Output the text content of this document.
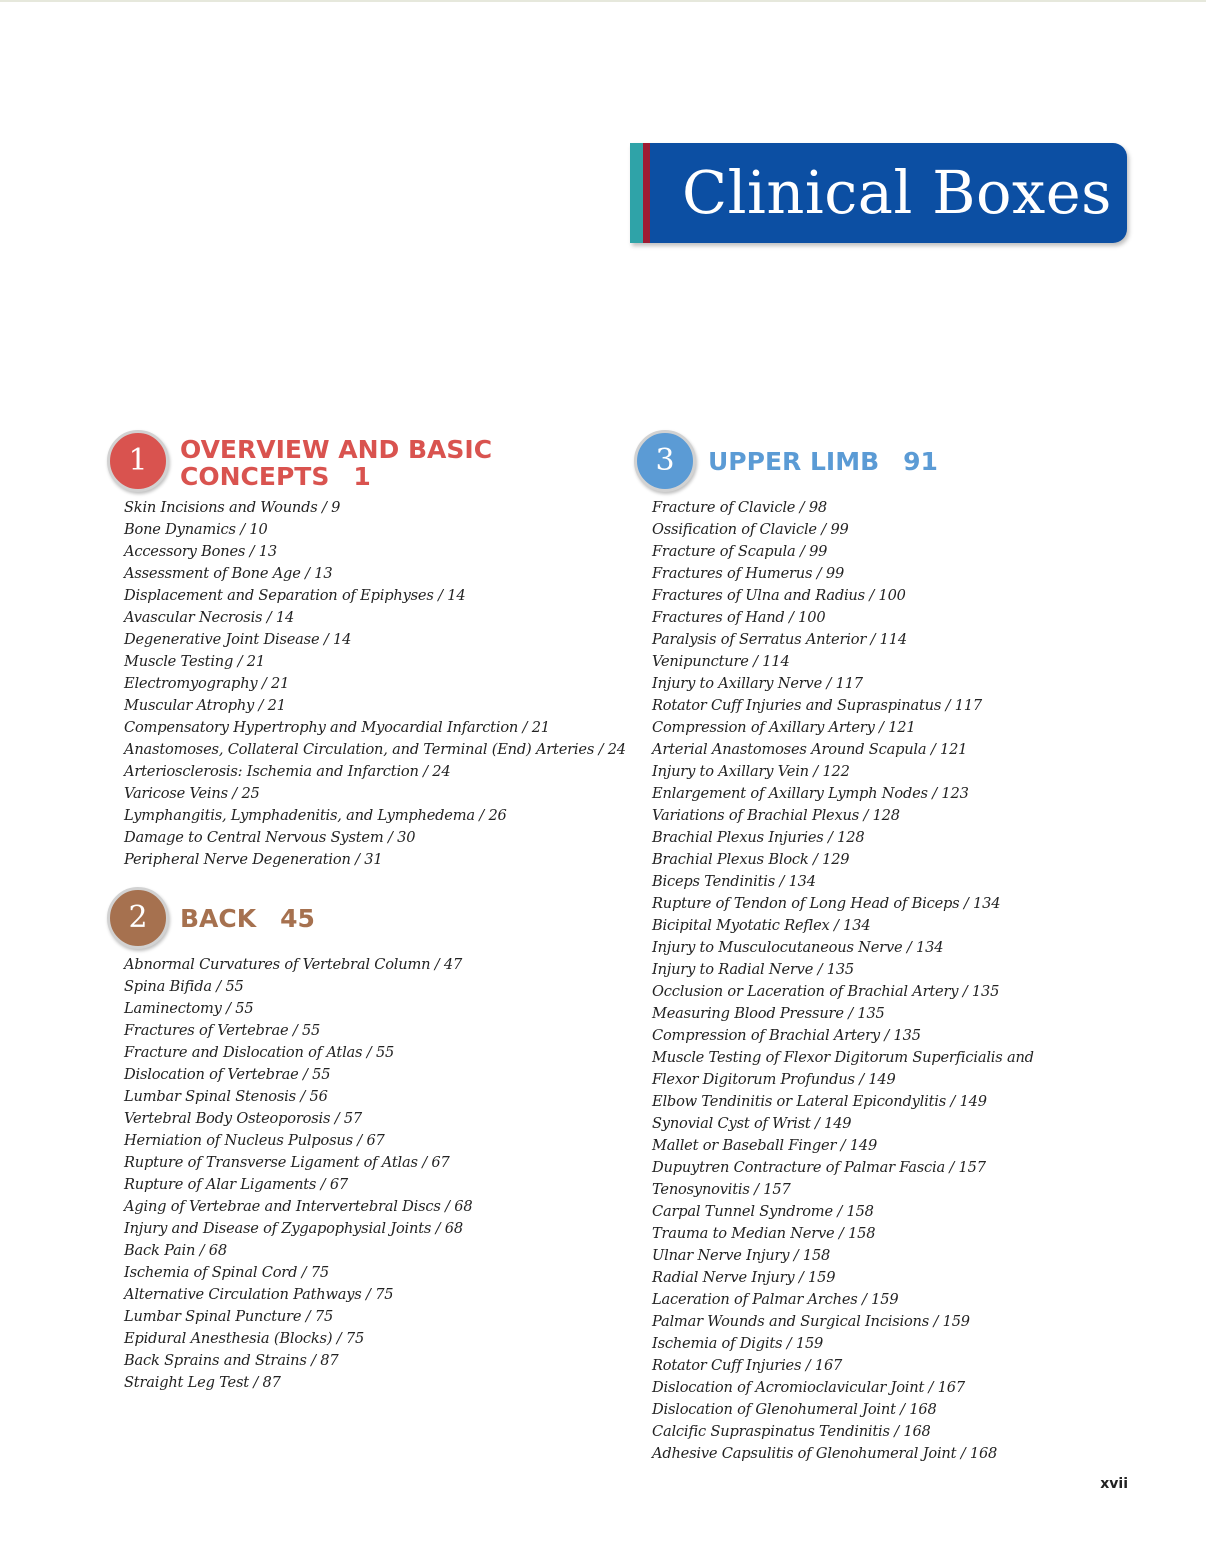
Clinical Boxes
1	OVERVIEW AND BASIC
CONCEPTS 1
Skin Incisions and Wounds / 9
Bone Dynamics / 10
Accessory Bones / 13
Assessment of Bone Age / 13
Displacement and Separation of Epiphyses / 14
Avascular Necrosis / 14
Degenerative Joint Disease / 14
Muscle Testing / 21
Electromyography / 21
Muscular Atrophy / 21
Compensatory Hypertrophy and Myocardial Infarction / 21
Anastomoses, Collateral Circulation, and Terminal (End) Arteries / 24
Arteriosclerosis: Ischemia and Infarction / 24
Varicose Veins / 25
Lymphangitis, Lymphadenitis, and Lymphedema / 26
Damage to Central Nervous System / 30
Peripheral Nerve Degeneration / 31
2	BACK 45
Abnormal Curvatures of Vertebral Column / 47
Spina Bifida / 55
Laminectomy / 55
Fractures of Vertebrae / 55
Fracture and Dislocation of Atlas / 55
Dislocation of Vertebrae / 55
Lumbar Spinal Stenosis / 56
Vertebral Body Osteoporosis / 57
Herniation of Nucleus Pulposus / 67
Rupture of Transverse Ligament of Atlas / 67
Rupture of Alar Ligaments / 67
Aging of Vertebrae and Intervertebral Discs / 68
Injury and Disease of Zygapophysial Joints / 68
Back Pain / 68
Ischemia of Spinal Cord / 75
Alternative Circulation Pathways / 75
Lumbar Spinal Puncture / 75
Epidural Anesthesia (Blocks) / 75
Back Sprains and Strains / 87
Straight Leg Test / 87
3	UPPER LIMB 91
Fracture of Clavicle / 98
Ossification of Clavicle / 99
Fracture of Scapula / 99
Fractures of Humerus / 99
Fractures of Ulna and Radius / 100
Fractures of Hand / 100
Paralysis of Serratus Anterior / 114
Venipuncture / 114
Injury to Axillary Nerve / 117
Rotator Cuff Injuries and Supraspinatus / 117
Compression of Axillary Artery / 121
Arterial Anastomoses Around Scapula / 121
Injury to Axillary Vein / 122
Enlargement of Axillary Lymph Nodes / 123
Variations of Brachial Plexus / 128
Brachial Plexus Injuries / 128
Brachial Plexus Block / 129
Biceps Tendinitis / 134
Rupture of Tendon of Long Head of Biceps / 134
Bicipital Myotatic Reflex / 134
Injury to Musculocutaneous Nerve / 134
Injury to Radial Nerve / 135
Occlusion or Laceration of Brachial Artery / 135
Measuring Blood Pressure / 135
Compression of Brachial Artery / 135
Muscle Testing of Flexor Digitorum Superficialis and
Flexor Digitorum Profundus / 149
Elbow Tendinitis or Lateral Epicondylitis / 149
Synovial Cyst of Wrist / 149
Mallet or Baseball Finger / 149
Dupuytren Contracture of Palmar Fascia / 157
Tenosynovitis / 157
Carpal Tunnel Syndrome / 158
Trauma to Median Nerve / 158
Ulnar Nerve Injury / 158
Radial Nerve Injury / 159
Laceration of Palmar Arches / 159
Palmar Wounds and Surgical Incisions / 159
Ischemia of Digits / 159
Rotator Cuff Injuries / 167
Dislocation of Acromioclavicular Joint / 167
Dislocation of Glenohumeral Joint / 168
Calcific Supraspinatus Tendinitis / 168
Adhesive Capsulitis of Glenohumeral Joint / 168
xvii
